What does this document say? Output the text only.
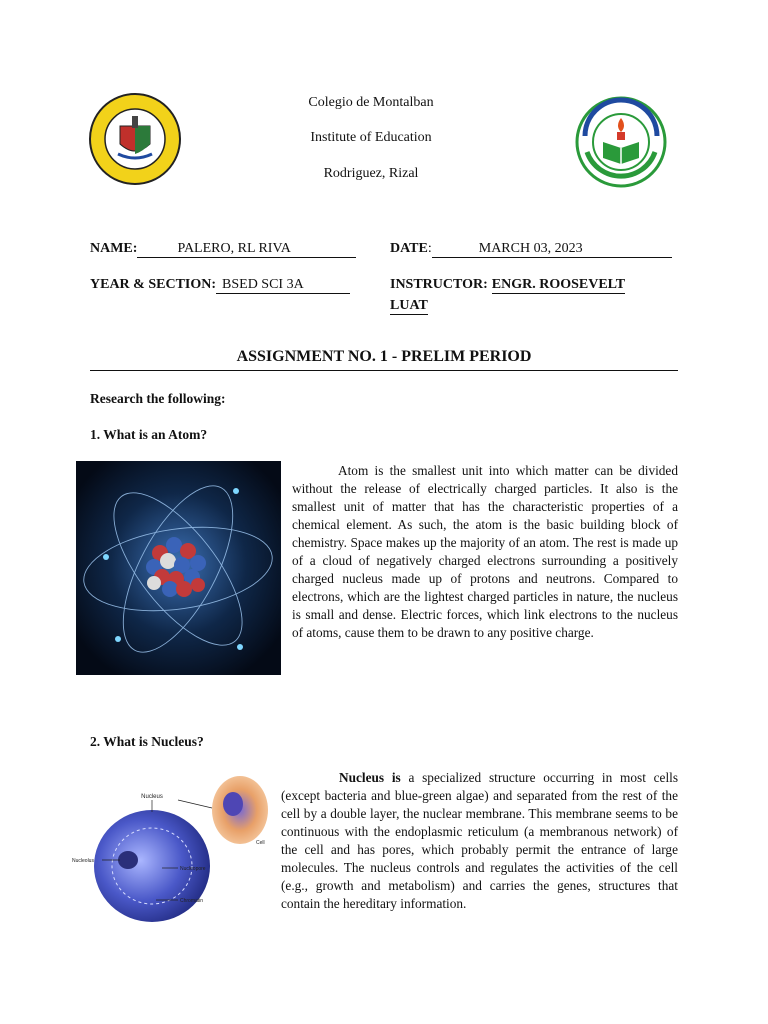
Colegio de Montalban
Institute of Education
Rodriguez, Rizal
NAME:	PALERO, RL RIVA	DATE:	MARCH 03, 2023
YEAR & SECTION: BSED SCI 3A	INSTRUCTOR: ENGR. ROOSEVELT
LUAT
ASSIGNMENT NO. 1 - PRELIM PERIOD
Research the following:
1. What is an Atom?
Atom is the smallest unit into which matter can be divided without the release of electrically charged particles. It also is the smallest unit of matter that has the characteristic properties of a chemical element. As such, the atom is the basic building block of chemistry. Space makes up the majority of an atom. The rest is made up of a cloud of negatively charged electrons surrounding a positively charged nucleus made up of protons and neutrons. Compared to electrons, which are the lightest charged particles in nature, the nucleus is small and dense. Electric forces, which link electrons to the nucleus of atoms, cause them to be drawn to any positive charge.
2. What is Nucleus?
Nucleus
Nucleolus
Nucleopore
Chromatin
Cell
Nucleus is a specialized structure occurring in most cells (except bacteria and blue-green algae) and separated from the rest of the cell by a double layer, the nuclear membrane. This membrane seems to be continuous with the endoplasmic reticulum (a membranous network) of the cell and has pores, which probably permit the entrance of large molecules. The nucleus controls and regulates the activities of the cell (e.g., growth and metabolism) and carries the genes, structures that contain the hereditary information.
